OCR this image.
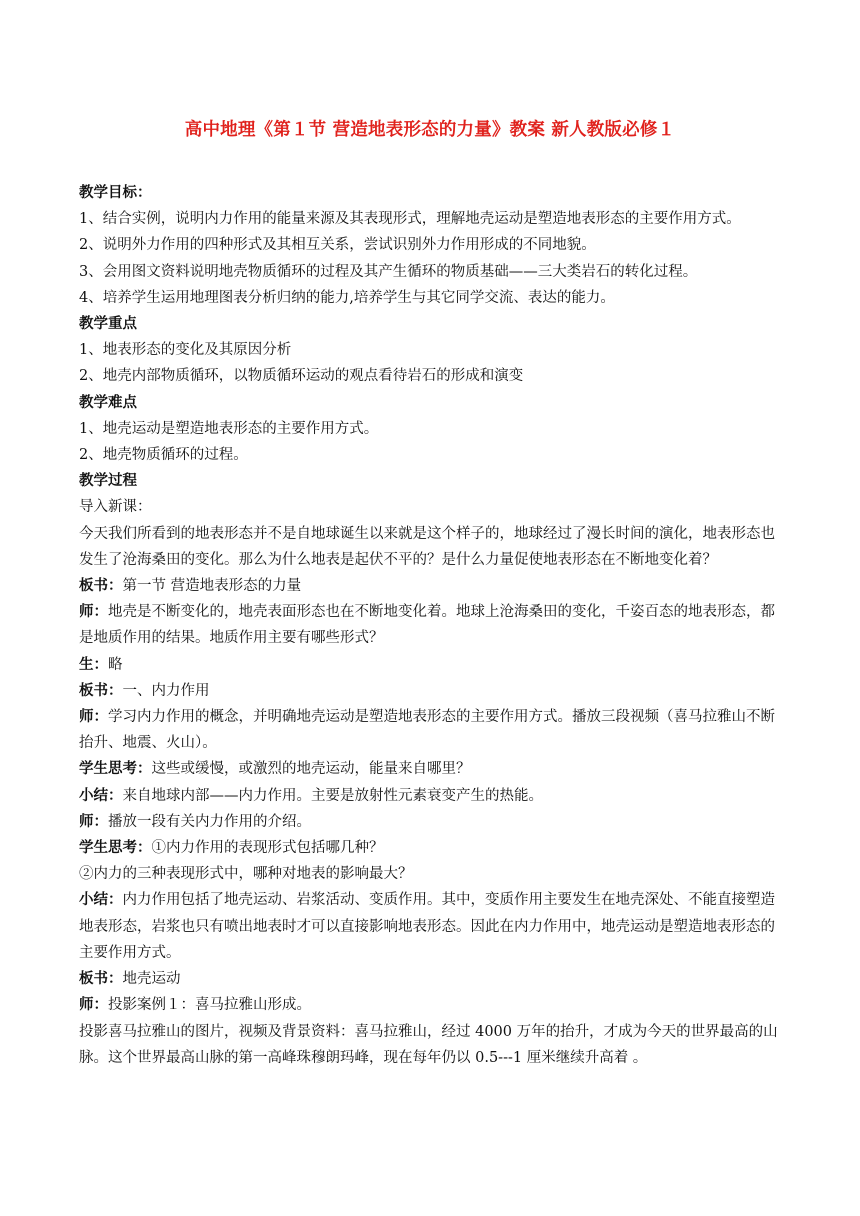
高中地理《第１节 营造地表形态的力量》教案 新人教版必修１

教学目标：

1、结合实例，说明内力作用的能量来源及其表现形式，理解地壳运动是塑造地表形态的主要作用方式。

2、说明外力作用的四种形式及其相互关系，尝试识别外力作用形成的不同地貌。

3、会用图文资料说明地壳物质循环的过程及其产生循环的物质基础——三大类岩石的转化过程。

4、培养学生运用地理图表分析归纳的能力,培养学生与其它同学交流、表达的能力。

教学重点

1、地表形态的变化及其原因分析

2、地壳内部物质循环，以物质循环运动的观点看待岩石的形成和演变

教学难点

1、地壳运动是塑造地表形态的主要作用方式。

2、地壳物质循环的过程。

教学过程

导入新课：

今天我们所看到的地表形态并不是自地球诞生以来就是这个样子的，地球经过了漫长时间的演化，地表形态也发生了沧海桑田的变化。那么为什么地表是起伏不平的？是什么力量促使地表形态在不断地变化着？

板书：第一节 营造地表形态的力量

师：地壳是不断变化的，地壳表面形态也在不断地变化着。地球上沧海桑田的变化，千姿百态的地表形态，都是地质作用的结果。地质作用主要有哪些形式？

生：略

板书：一、内力作用

师：学习内力作用的概念，并明确地壳运动是塑造地表形态的主要作用方式。播放三段视频（喜马拉雅山不断抬升、地震、火山）。

学生思考：这些或缓慢，或激烈的地壳运动，能量来自哪里？

小结：来自地球内部——内力作用。主要是放射性元素衰变产生的热能。

师：播放一段有关内力作用的介绍。

学生思考：①内力作用的表现形式包括哪几种？

②内力的三种表现形式中，哪种对地表的影响最大？

小结：内力作用包括了地壳运动、岩浆活动、变质作用。其中，变质作用主要发生在地壳深处、不能直接塑造地表形态，岩浆也只有喷出地表时才可以直接影响地表形态。因此在内力作用中，地壳运动是塑造地表形态的主要作用方式。

板书：地壳运动

师：投影案例１：喜马拉雅山形成。

投影喜马拉雅山的图片，视频及背景资料：喜马拉雅山，经过 4000 万年的抬升，才成为今天的世界最高的山脉。这个世界最高山脉的第一高峰珠穆朗玛峰，现在每年仍以 0.5---1 厘米继续升高着 。
